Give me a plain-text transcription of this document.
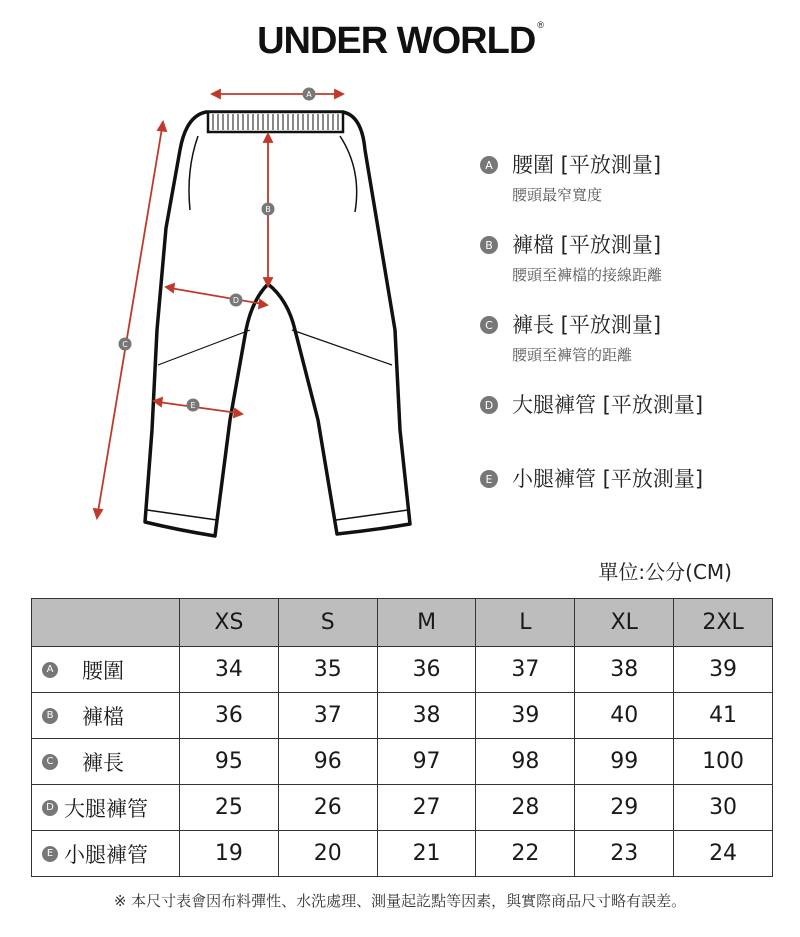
UNDER WORLD ®
A
B
C
D
E
A 腰圍 [平放測量]
腰頭最窄寬度
B 褲檔 [平放測量]
腰頭至褲檔的接線距離
C 褲長 [平放測量]
腰頭至褲管的距離
D 大腿褲管 [平放測量]
E 小腿褲管 [平放測量]
單位:公分(CM)
	XS	S	M	L	XL	2XL
A 腰圍	34	35	36	37	38	39
B 褲檔	36	37	38	39	40	41
C 褲長	95	96	97	98	99	100
D 大腿褲管	25	26	27	28	29	30
E 小腿褲管	19	20	21	22	23	24
※ 本尺寸表會因布料彈性、水洗處理、測量起訖點等因素，與實際商品尺寸略有誤差。
